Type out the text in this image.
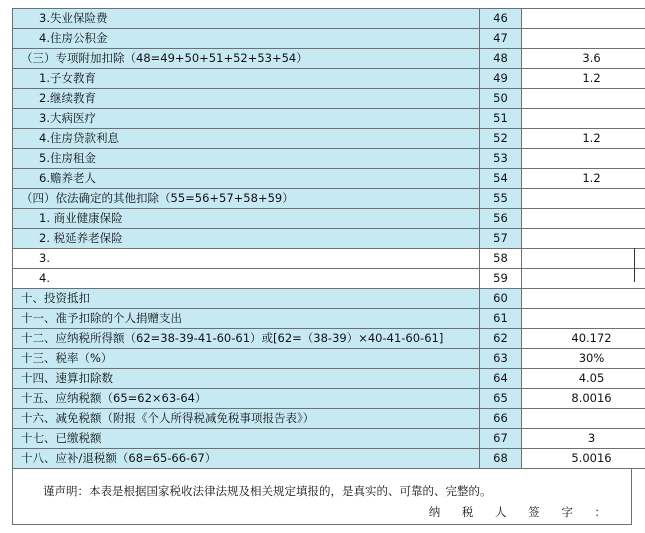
3.失业保险费	46	
4.住房公积金	47	
（三）专项附加扣除（48=49+50+51+52+53+54）	48	3.6
1.子女教育	49	1.2
2.继续教育	50	
3.大病医疗	51	
4.住房贷款利息	52	1.2
5.住房租金	53	
6.赡养老人	54	1.2
（四）依法确定的其他扣除（55=56+57+58+59）	55	
1. 商业健康保险	56	
2. 税延养老保险	57	
3.	58	
4.	59	
十、投资抵扣	60	
十一、准予扣除的个人捐赠支出	61	
十二、应纳税所得额（62=38-39-41-60-61）或[62=（38-39）×40-41-60-61]	62	40.172
十三、税率（%）	63	30%
十四、速算扣除数	64	4.05
十五、应纳税额（65=62×63-64）	65	8.0016
十六、减免税额（附报《个人所得税减免税事项报告表》）	66	
十七、已缴税额	67	3
十八、应补/退税额（68=65-66-67）	68	5.0016
谨声明：本表是根据国家税收法律法规及相关规定填报的，是真实的、可靠的、完整的。
纳 税 人 签 字 ：
